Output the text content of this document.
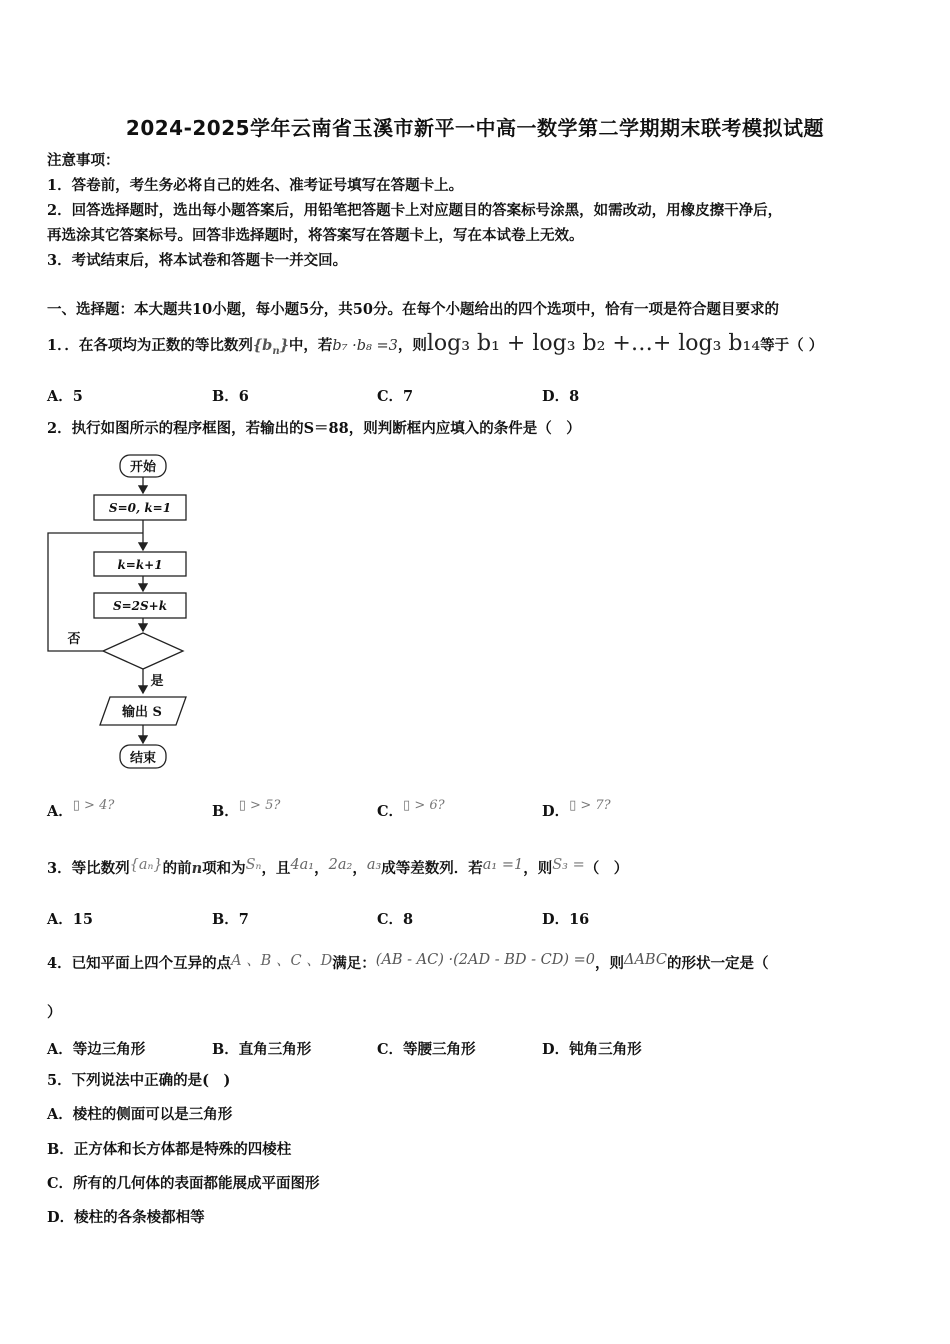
2024-2025学年云南省玉溪市新平一中高一数学第二学期期末联考模拟试题
注意事项：
1．答卷前，考生务必将自己的姓名、准考证号填写在答题卡上。
2．回答选择题时，选出每小题答案后，用铅笔把答题卡上对应题目的答案标号涂黑，如需改动，用橡皮擦干净后，
再选涂其它答案标号。回答非选择题时，将答案写在答题卡上，写在本试卷上无效。
3．考试结束后，将本试卷和答题卡一并交回。
一、选择题：本大题共10小题，每小题5分，共50分。在每个小题给出的四个选项中，恰有一项是符合题目要求的
1．．在各项均为正数的等比数列$\{b_n\}$中，若b₇ ·b₈ =3，则log₃ b₁ + log₃ b₂ +…+ log₃ b₁₄等于（ ）
A．5	B．6	C．7	D．8
2．执行如图所示的程序框图，若输出的S＝88，则判断框内应填入的条件是（　）
开始
S=0, k=1
k=k+1
S=2S+k
否
是
输出 S
结束
A．▯ > 4?	B．▯ > 5?	C．▯ > 6?	D．▯ > 7?
3．等比数列{aₙ}的前n项和为Sₙ，且4a₁，2a₂，a₃成等差数列．若a₁ =1，则S₃ =（　）
A．15	B．7	C．8	D．16
4．已知平面上四个互异的点A 、B 、C 、D满足：(AB - AC) ·(2AD - BD - CD) =0，则ΔABC的形状一定是（
）
A．等边三角形	B．直角三角形	C．等腰三角形	D．钝角三角形
5．下列说法中正确的是(　)
A．棱柱的侧面可以是三角形
B．正方体和长方体都是特殊的四棱柱
C．所有的几何体的表面都能展成平面图形
D．棱柱的各条棱都相等
